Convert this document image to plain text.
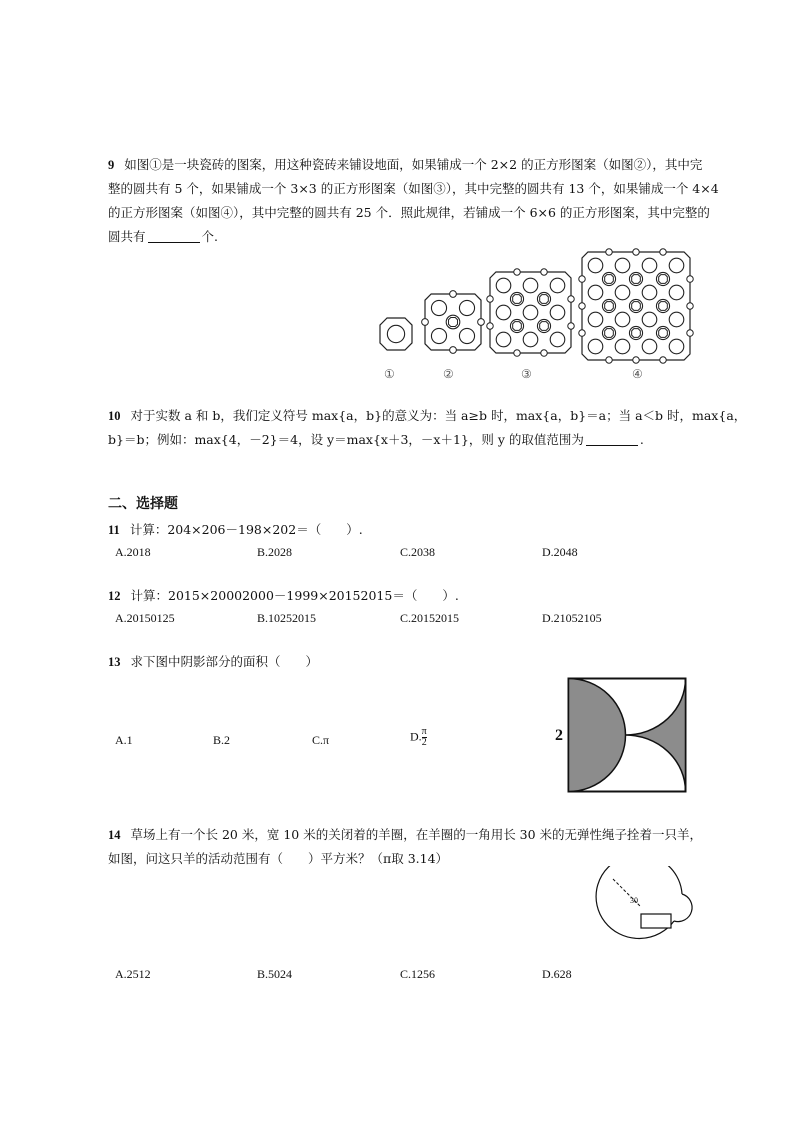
9 如图①是一块瓷砖的图案，用这种瓷砖来铺设地面，如果铺成一个 2×2 的正方形图案（如图②），其中完
整的圆共有 5 个，如果铺成一个 3×3 的正方形图案（如图③），其中完整的圆共有 13 个，如果铺成一个 4×4
的正方形图案（如图④），其中完整的圆共有 25 个．照此规律，若铺成一个 6×6 的正方形图案，其中完整的
圆共有	个.
①	②	③	④
10 对于实数 a 和 b，我们定义符号 max{a，b}的意义为：当 a≥b 时，max{a，b}＝a；当 a＜b 时，max{a，
b}＝b；例如：max{4，－2}＝4，设 y＝max{x＋3，－x＋1}，则 y 的取值范围为	.
二、选择题
11 计算：204×206－198×202＝（　　）.
A.2018	B.2028	C.2038	D.2048
12 计算：2015×20002000－1999×20152015＝（　　）.
A.20150125	B.10252015	C.20152015	D.21052105
13 求下图中阴影部分的面积（　　）
A.1	B.2	C.π	D. $\frac{\pi}{2}$	2
14 草场上有一个长 20 米，宽 10 米的关闭着的羊圈，在羊圈的一角用长 30 米的无弹性绳子拴着一只羊，
如图，问这只羊的活动范围有（　　）平方米？（π取 3.14）
30
A.2512	B.5024	C.1256	D.628
